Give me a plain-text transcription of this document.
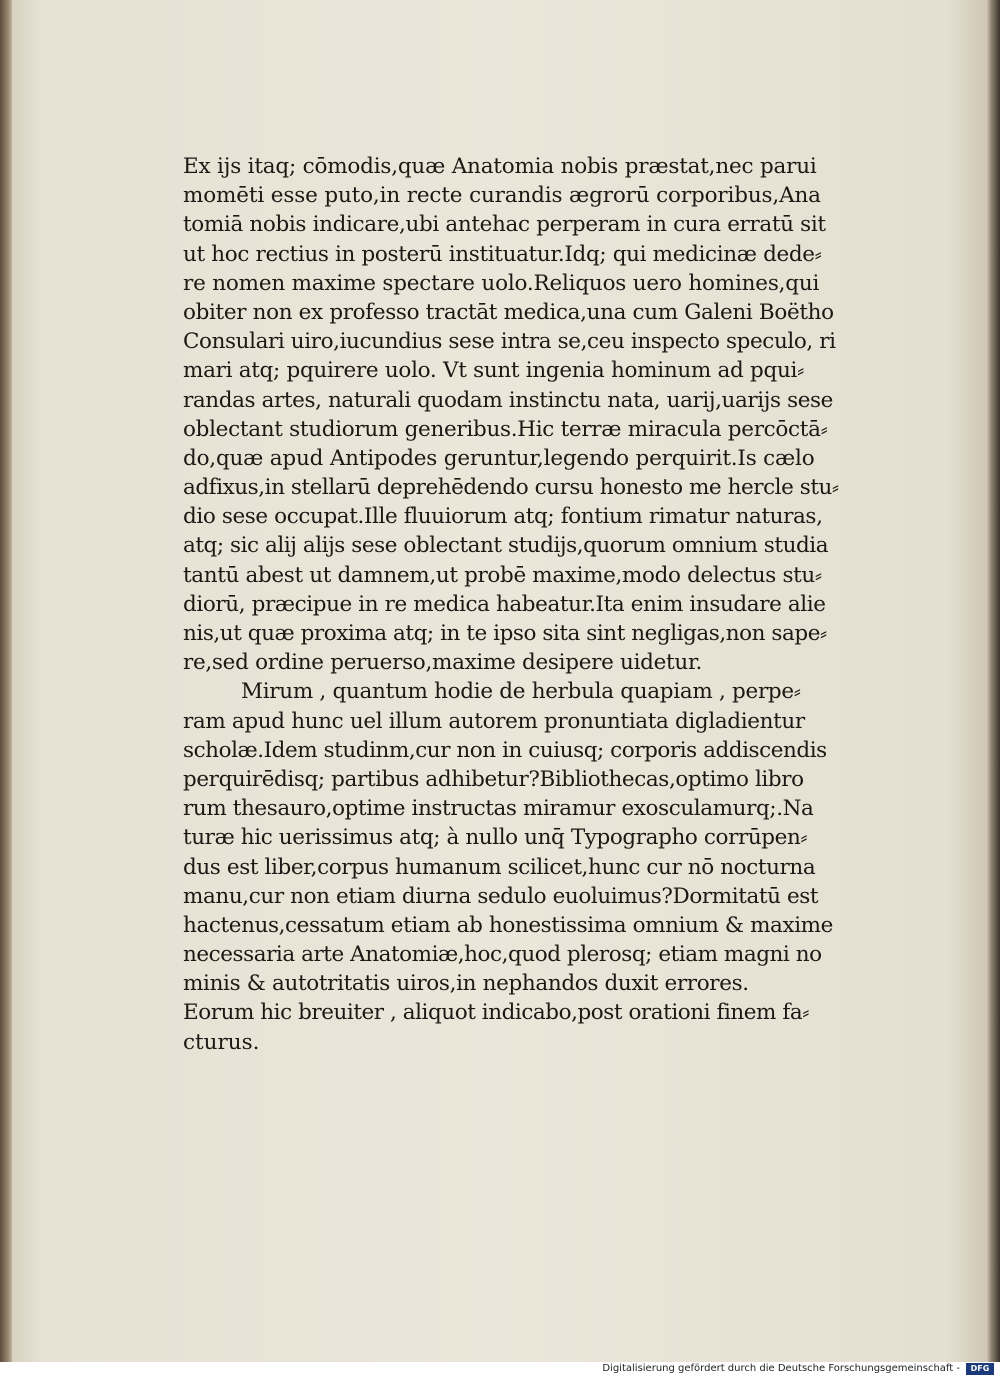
Ex ijs itaq; cōmodis,quæ Anatomia nobis præstat,nec parui
momēti esse puto,in recte curandis ægrorū corporibus,Ana
tomiā nobis indicare,ubi antehac perperam in cura erratū sit
ut hoc rectius in posterū instituatur.Idq; qui medicinæ dede⸗
re nomen maxime spectare uolo.Reliquos uero homines,qui
obiter non ex professo tractāt medica,una cum Galeni Boëtho
Consulari uiro,iucundius sese intra se,ceu inspecto speculo, ri
mari atq; pquirere uolo. Vt sunt ingenia hominum ad pqui⸗
randas artes, naturali quodam instinctu nata, uarij,uarijs sese
oblectant studiorum generibus.Hic terræ miracula percōctā⸗
do,quæ apud Antipodes geruntur,legendo perquirit.Is cælo
adfixus,in stellarū deprehēdendo cursu honesto me hercle stu⸗
dio sese occupat.Ille fluuiorum atq; fontium rimatur naturas,
atq; sic alij alijs sese oblectant studijs,quorum omnium studia
tantū abest ut damnem,ut probē maxime,modo delectus stu⸗
diorū, præcipue in re medica habeatur.Ita enim insudare alie
nis,ut quæ proxima atq; in te ipso sita sint negligas,non sape⸗
re,sed ordine peruerso,maxime desipere uidetur.
Mirum , quantum hodie de herbula quapiam , perpe⸗
ram apud hunc uel illum autorem pronuntiata digladientur
scholæ.Idem studinm,cur non in cuiusq; corporis addiscendis
perquirēdisq; partibus adhibetur?Bibliothecas,optimo libro
rum thesauro,optime instructas miramur exosculamurq;.Na
turæ hic uerissimus atq; à nullo unq̄ Typographo corrūpen⸗
dus est liber,corpus humanum scilicet,hunc cur nō nocturna
manu,cur non etiam diurna sedulo euoluimus?Dormitatū est
hactenus,cessatum etiam ab honestissima omnium & maxime
necessaria arte Anatomiæ,hoc,quod plerosq; etiam magni no
minis & autotritatis uiros,in nephandos duxit errores.
Eorum hic breuiter , aliquot indicabo,post orationi finem fa⸗
cturus.
Digitalisierung gefördert durch die Deutsche Forschungsgemeinschaft -	DFG
